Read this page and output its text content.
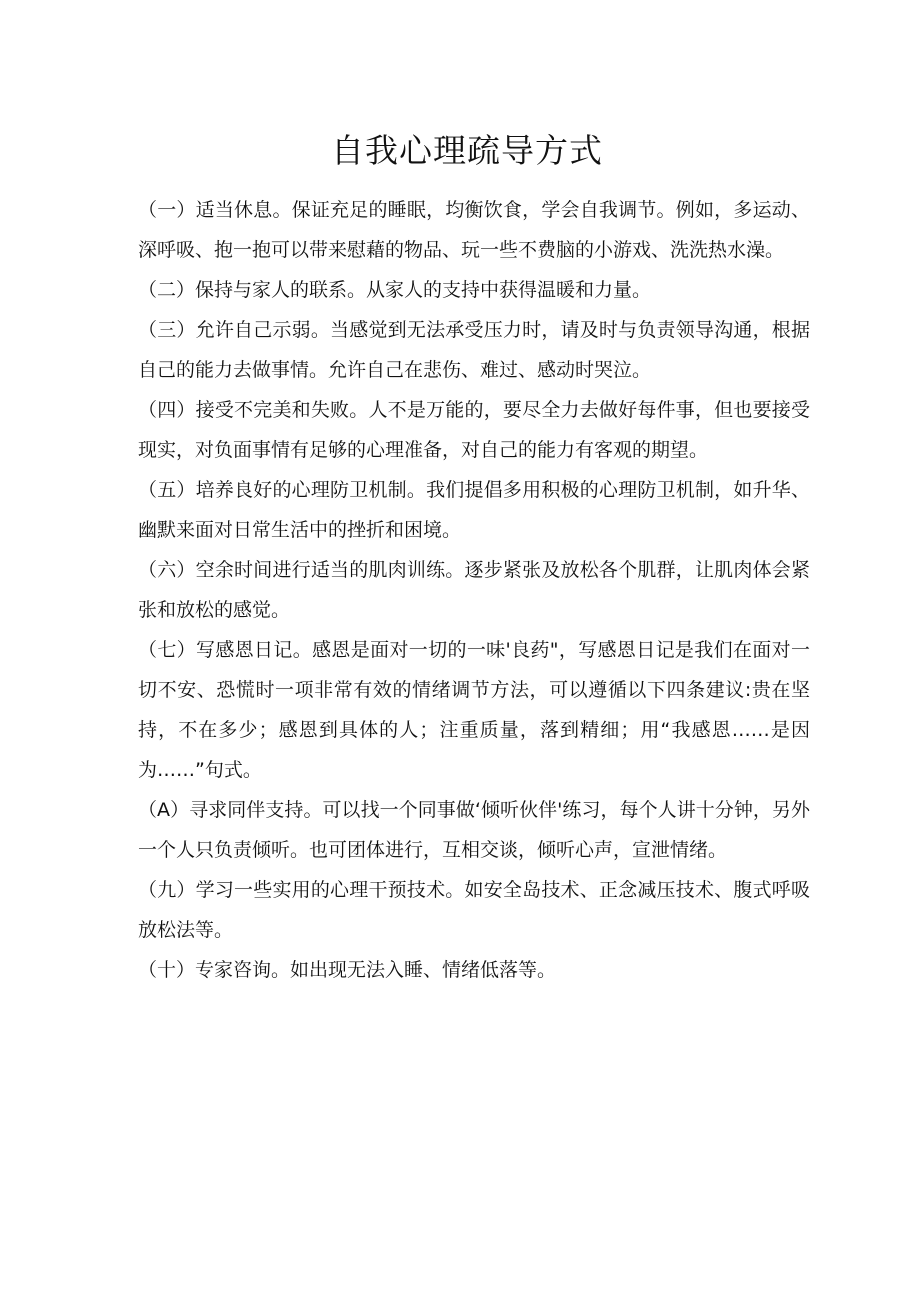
自我心理疏导方式

（一）适当休息。保证充足的睡眠，均衡饮食，学会自我调节。例如，多运动、深呼吸、抱一抱可以带来慰藉的物品、玩一些不费脑的小游戏、洗洗热水澡。

（二）保持与家人的联系。从家人的支持中获得温暖和力量。

（三）允许自己示弱。当感觉到无法承受压力时，请及时与负责领导沟通，根据自己的能力去做事情。允许自己在悲伤、难过、感动时哭泣。

（四）接受不完美和失败。人不是万能的，要尽全力去做好每件事，但也要接受现实，对负面事情有足够的心理准备，对自己的能力有客观的期望。

（五）培养良好的心理防卫机制。我们提倡多用积极的心理防卫机制，如升华、幽默来面对日常生活中的挫折和困境。

（六）空余时间进行适当的肌肉训练。逐步紧张及放松各个肌群，让肌肉体会紧张和放松的感觉。

（七）写感恩日记。感恩是面对一切的一味'良药"，写感恩日记是我们在面对一切不安、恐慌时一项非常有效的情绪调节方法，可以遵循以下四条建议:贵在坚持，不在多少；感恩到具体的人；注重质量，落到精细；用“我感恩……是因为……”句式。

（A）寻求同伴支持。可以找一个同事做‘倾听伙伴'练习，每个人讲十分钟，另外一个人只负责倾听。也可团体进行，互相交谈，倾听心声，宣泄情绪。

（九）学习一些实用的心理干预技术。如安全岛技术、正念减压技术、腹式呼吸放松法等。

（十）专家咨询。如出现无法入睡、情绪低落等。
